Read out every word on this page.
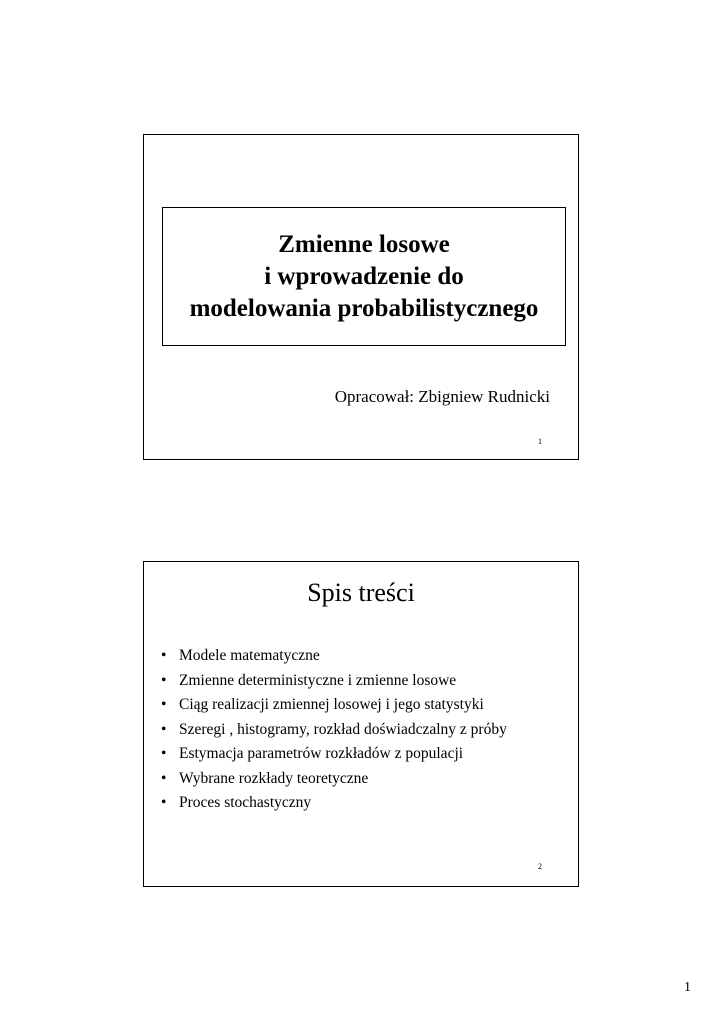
Zmienne losowe
i wprowadzenie do
modelowania probabilistycznego
Opracował: Zbigniew Rudnicki
1
Spis treści
• Modele matematyczne
• Zmienne deterministyczne i zmienne losowe
• Ciąg realizacji zmiennej losowej i jego statystyki
• Szeregi , histogramy, rozkład doświadczalny z próby
• Estymacja parametrów rozkładów z populacji
• Wybrane rozkłady teoretyczne
• Proces stochastyczny
2
1
